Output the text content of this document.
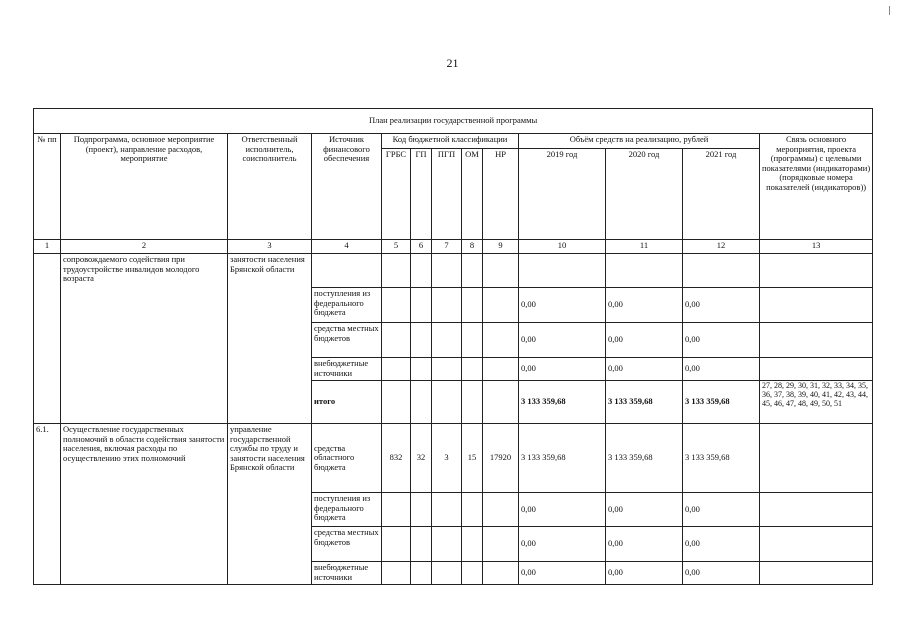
21
План реализации государственной программы												
№ пп	Подпрограмма, основное мероприятие (проект), направление расходов, мероприятие	Ответственный исполнитель, соисполнитель	Источник финансового обеспечения	Код бюджетной классификации					Объём средств на реализацию, рублей			Связь основного мероприятия, проекта (программы) с целевыми показателями (индикаторами) (порядковые номера показателей (индикаторов))
				ГРБС	ГП	ПГП	ОМ	НР	2019 год	2020 год	2021 год	
1	2	3	4	5	6	7	8	9	10	11	12	13
	сопровождаемого содействия при трудоустройстве инвалидов молодого возраста	занятости населения Брянской области										
			поступления из федерального бюджета						0,00	0,00	0,00	
			средства местных бюджетов						0,00	0,00	0,00	
			внебюджетные источники						0,00	0,00	0,00	
			итого						3 133 359,68	3 133 359,68	3 133 359,68	27, 28, 29, 30, 31, 32, 33, 34, 35, 36, 37, 38, 39, 40, 41, 42, 43, 44, 45, 46, 47, 48, 49, 50, 51
6.1.	Осуществление государственных полномочий в области содействия занятости населения, включая расходы по осуществлению этих полномочий	управление государственной службы по труду и занятости населения Брянской области	средства областного бюджета	832	32	3	15	17920	3 133 359,68	3 133 359,68	3 133 359,68	
			поступления из федерального бюджета						0,00	0,00	0,00	
			средства местных бюджетов						0,00	0,00	0,00	
			внебюджетные источники						0,00	0,00	0,00	
